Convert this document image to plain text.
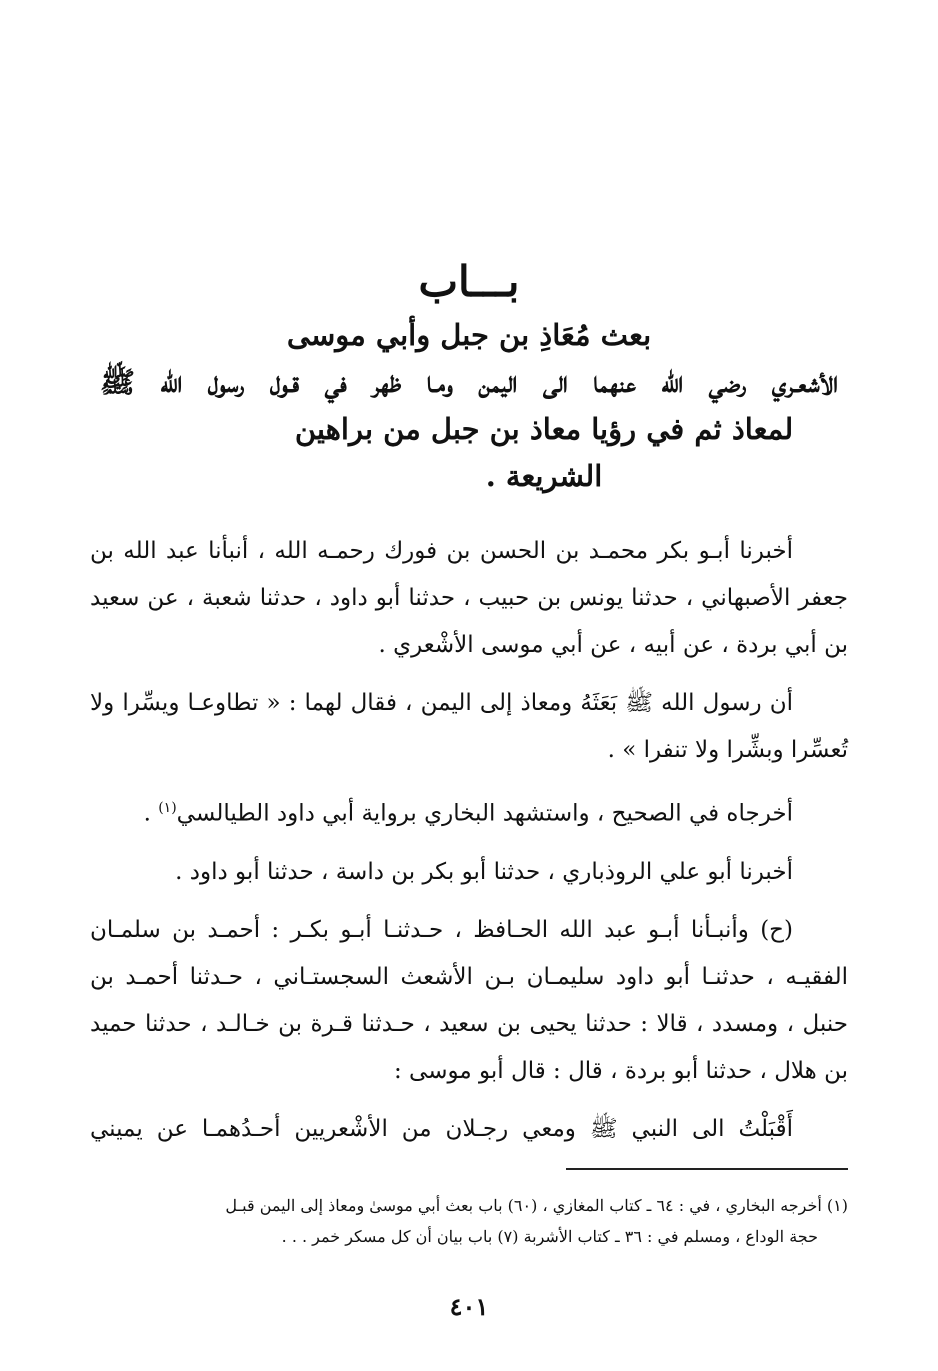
بـــاب
بعث مُعَاذِ بن جبل وأبي موسى
الأشعـري رضي الله عنهما الى اليمن ومـا ظهر في قـول رسول الله ﷺ
لمعاذ ثم في رؤيا معاذ بن جبل من براهين الشريعة .

أخبرنا أبـو بكر محمـد بن الحسن بن فورك رحمـه الله ، أنبأنا عبد الله بن جعفر الأصبهاني ، حدثنا يونس بن حبيب ، حدثنا أبو داود ، حدثنا شعبة ، عن سعيد بن أبي بردة ، عن أبيه ، عن أبي موسى الأشْعري .

أن رسول الله ﷺ بَعَثَهُ ومعاذ إلى اليمن ، فقال لهما : « تطاوعـا ويسِّرا ولا تُعسِّرا وبشِّرا ولا تنفرا » .

أخرجاه في الصحيح ، واستشهد البخاري برواية أبي داود الطيالسي$^{(١)}$ .

أخبرنا أبو علي الروذباري ، حدثنا أبو بكر بن داسة ، حدثنا أبو داود .

(ح) وأنبـأنا أبـو عبد الله الحـافظ ، حـدثنـا أبـو بكـر : أحمـد بن سلمـان الفقيـه ، حدثنـا أبو داود سليمـان بـن الأشعث السجستـاني ، حـدثنا أحمـد بن حنبل ، ومسدد ، قالا : حدثنا يحيى بن سعيد ، حـدثنا قـرة بن خـالـد ، حدثنا حميد بن هلال ، حدثنا أبو بردة ، قال : قال أبو موسى :

أَقْبَلْتُ الى النبي ﷺ ومعي رجـلان من الأشْعريين أحـدُهمـا عن يميني

(١) أخرجه البخاري ، في : ٦٤ ـ كتاب المغازي ، (٦٠) باب بعث أبي موسىٰ ومعاذ إلى اليمن قبـل
حجة الوداع ، ومسلم في : ٣٦ ـ كتاب الأشربة (٧) باب بيان أن كل مسكر خمر . . .
٤٠١
